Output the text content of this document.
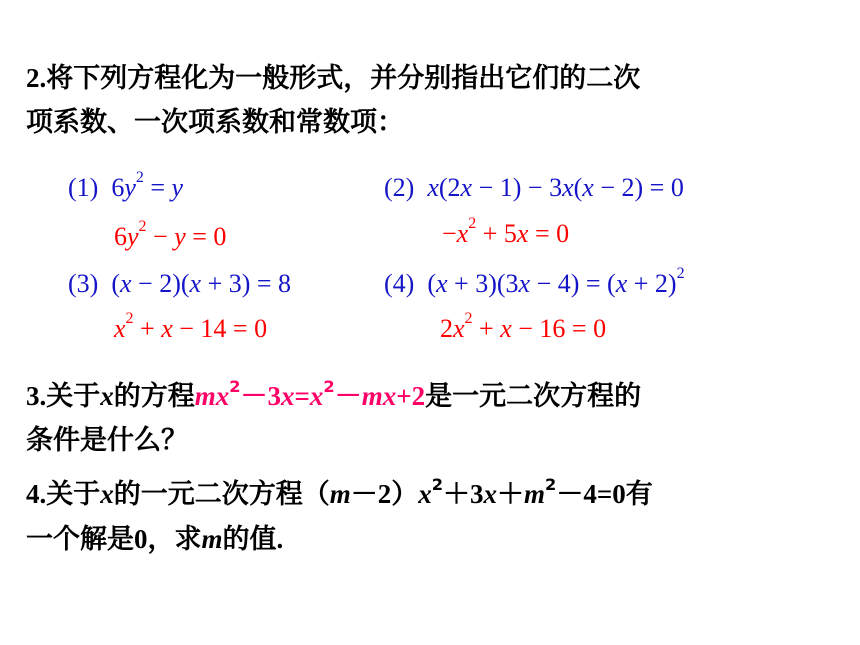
2.将下列方程化为一般形式，并分别指出它们的二次
项系数、一次项系数和常数项：
(1)  $6y^2 = y$
$6y^2 - y = 0$
(2)  x(2x − 1) − 3x(x − 2) = 0
$-x^2 + 5x = 0$
(3)  (x − 2)(x + 3) = 8
$x^2 + x - 14 = 0$
(4)  $(x + 3)(3x - 4) = (x + 2)^2$
$2x^2 + x - 16 = 0$
3.关于x的方程$mx^2-3x=x^2-mx+2$是一元二次方程的
条件是什么？
4.关于x的一元二次方程$(m-2)x^2+3x+m^2-4=0$有
一个解是0，求m的值.
